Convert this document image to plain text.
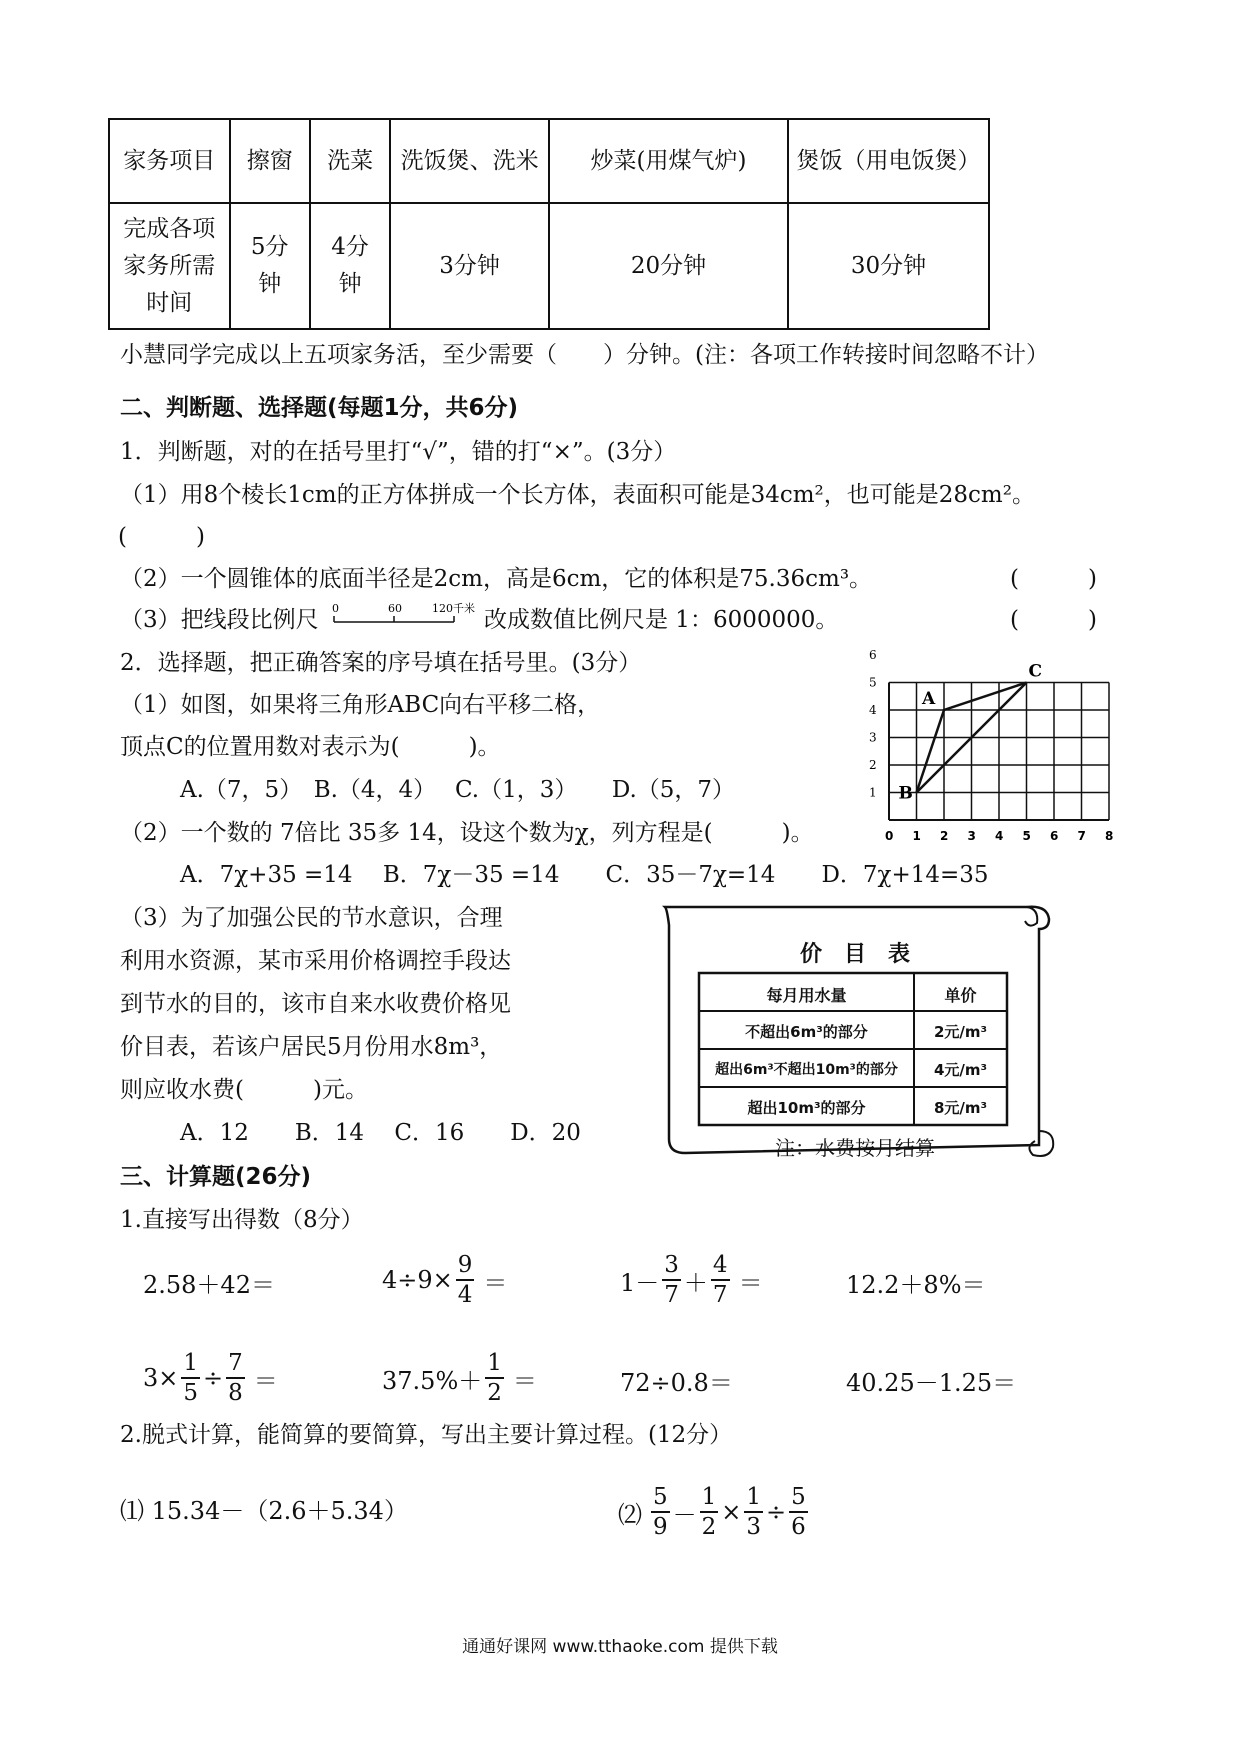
家务项目	擦窗	洗菜	洗饭煲、洗米	炒菜(用煤气炉)	煲饭（用电饭煲）
完成各项家务所需时间	5分钟	4分钟	3分钟	20分钟	30分钟
小慧同学完成以上五项家务活，至少需要（　　）分钟。(注：各项工作转接时间忽略不计）
二、判断题、选择题(每题1分，共6分)
1．判断题，对的在括号里打“√”，错的打“×”。(3分）
（1）用8个棱长1cm的正方体拼成一个长方体，表面积可能是34cm²，也可能是28cm²。
(　　　)
（2）一个圆锥体的底面半径是2cm，高是6cm，它的体积是75.36cm³。	(　　　)
（3）把线段比例尺 0	60	120千米 改成数值比例尺是 1：6000000。	(　　　)
2．选择题，把正确答案的序号填在括号里。(3分）
（1）如图，如果将三角形ABC向右平移二格，
顶点C的位置用数对表示为(　　　)。
A.（7，5）　B.（4，4）　 C.（1，3）　　D.（5，7）
（2）一个数的 7倍比 35多 14，设这个数为χ，列方程是(　　　)。
A．7χ+35 =14　 B．7χ－35 =14　　C．35－7χ=14　　D．7χ+14=35
（3）为了加强公民的节水意识，合理
利用水资源，某市采用价格调控手段达
到节水的目的，该市自来水收费价格见
价目表，若该户居民5月份用水8m³，
则应收水费(　　　)元。
A．12　　B．14　 C．16　　D．20
0 1 2 3 4 5 6 7 8
1
2
3
4
5
6
A
B
C
价　目　表
每月用水量	单价
不超出6m³的部分	2元/m³
超出6m³不超出10m³的部分	4元/m³
超出10m³的部分	8元/m³
注：水费按月结算
三、计算题(26分)
1.直接写出得数（8分）
2.58＋42＝	$4\div 9\times \frac{9}{4}$ ＝	$1- \frac{3}{7} + \frac{4}{7}$ ＝	12.2＋8%＝
$3\times \frac{1}{5} \div \frac{7}{8}$ ＝	$37.5\%+ \frac{1}{2}$ ＝	72÷0.8＝	40.25－1.25＝
2.脱式计算，能简算的要简算，写出主要计算过程。(12分）
⑴ 15.34－（2.6＋5.34）	⑵ $\frac{5}{9} - \frac{1}{2} \times \frac{1}{3} \div \frac{5}{6}$
通通好课网 www.tthaoke.com 提供下载
